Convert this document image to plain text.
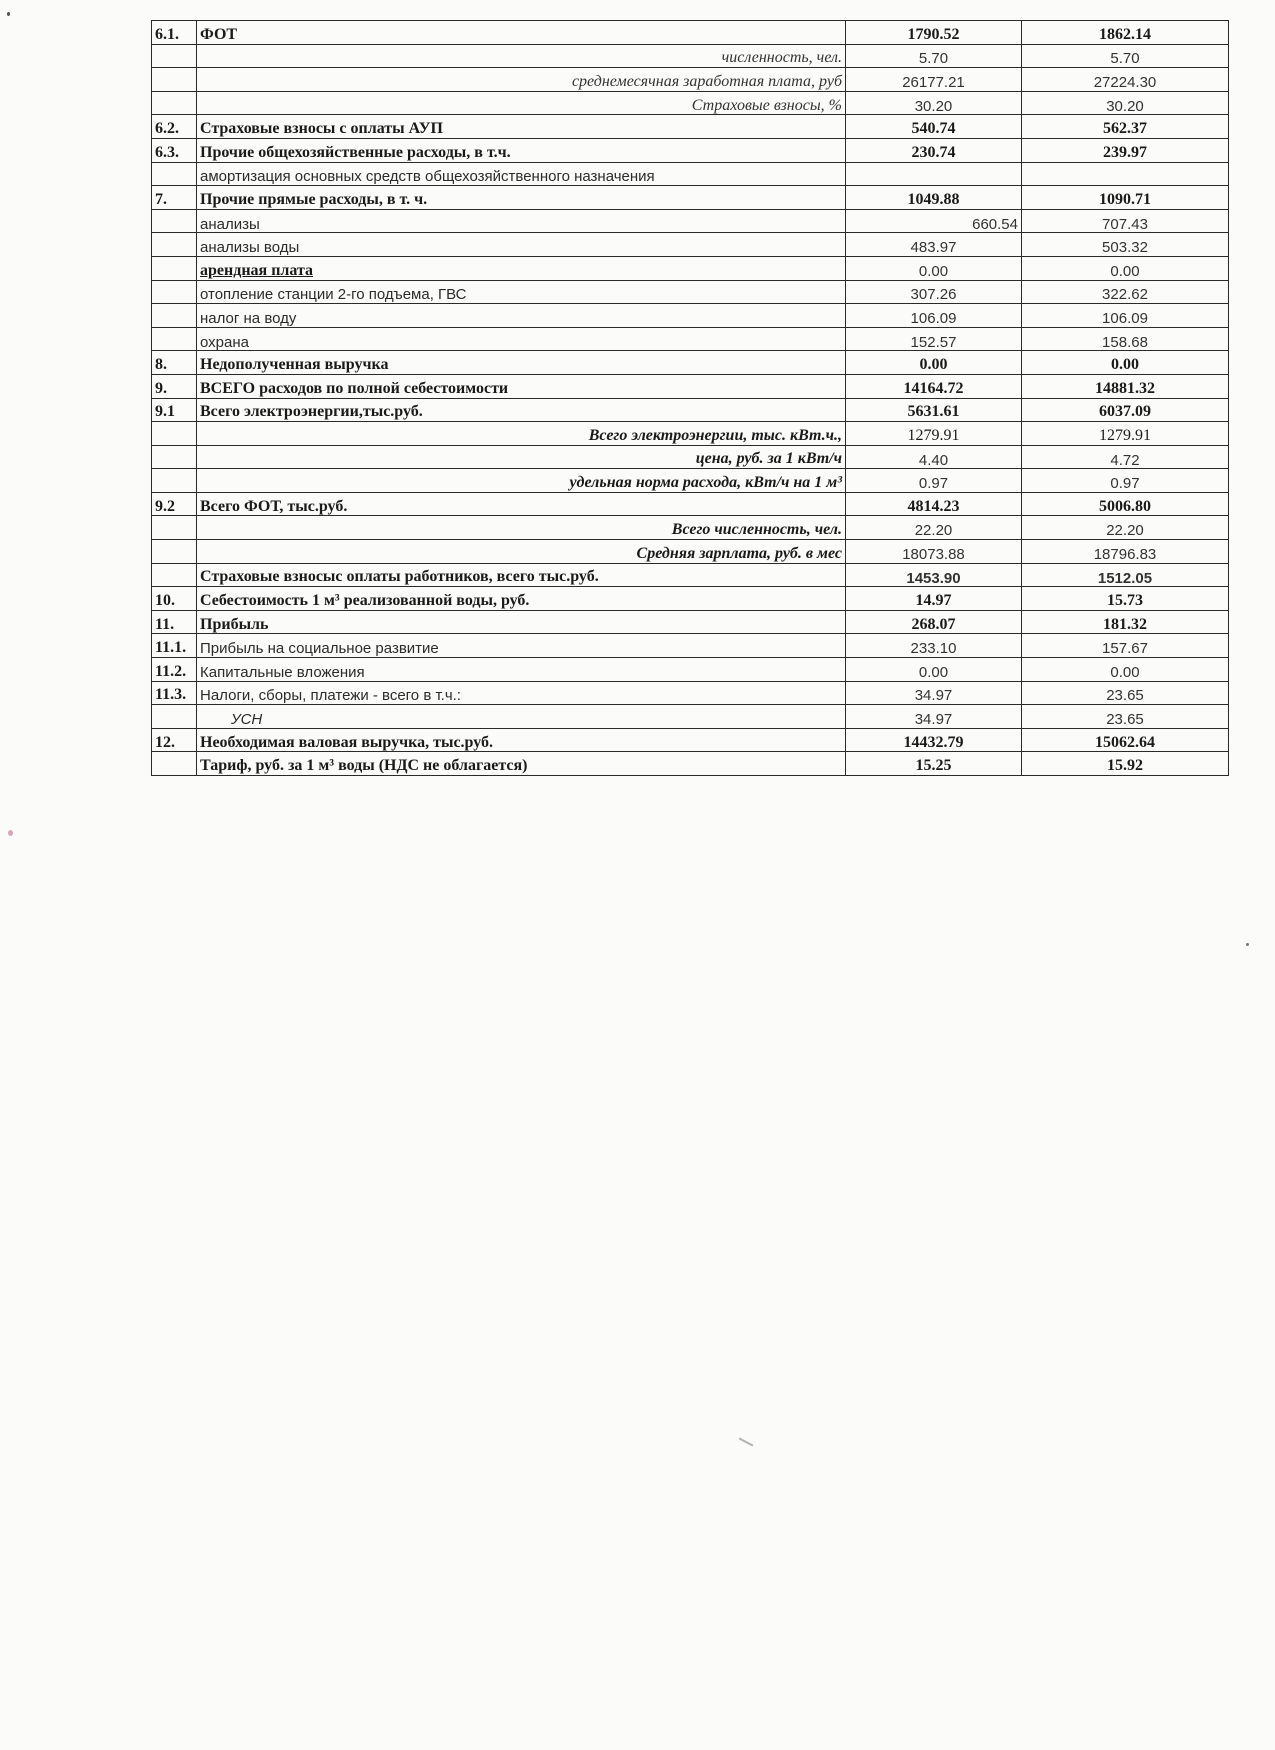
6.1.	ФОТ	1790.52	1862.14
	численность, чел.	5.70	5.70
	среднемесячная заработная плата, руб	26177.21	27224.30
	Страховые взносы, %	30.20	30.20
6.2.	Страховые взносы с оплаты АУП	540.74	562.37
6.3.	Прочие общехозяйственные расходы, в т.ч.	230.74	239.97
	амортизация основных средств общехозяйственного назначения		
7.	Прочие прямые расходы, в т. ч.	1049.88	1090.71
	анализы	660.54	707.43
	анализы воды	483.97	503.32
	арендная плата	0.00	0.00
	отопление станции 2-го подъема, ГВС	307.26	322.62
	налог на воду	106.09	106.09
	охрана	152.57	158.68
8.	Недополученная выручка	0.00	0.00
9.	ВСЕГО расходов по полной себестоимости	14164.72	14881.32
9.1	Всего электроэнергии,тыс.руб.	5631.61	6037.09
	Всего электроэнергии, тыс. кВт.ч.,	1279.91	1279.91
	цена, руб. за 1 кВт/ч	4.40	4.72
	удельная норма расхода, кВт/ч на 1 м³	0.97	0.97
9.2	Всего ФОТ, тыс.руб.	4814.23	5006.80
	Всего численность, чел.	22.20	22.20
	Средняя зарплата, руб. в мес	18073.88	18796.83
	Страховые взносыс оплаты работников, всего тыс.руб.	1453.90	1512.05
10.	Себестоимость 1 м³ реализованной воды, руб.	14.97	15.73
11.	Прибыль	268.07	181.32
11.1.	Прибыль на социальное развитие	233.10	157.67
11.2.	Капитальные вложения	0.00	0.00
11.3.	Налоги, сборы, платежи - всего в т.ч.:	34.97	23.65
	УСН	34.97	23.65
12.	Необходимая валовая выручка, тыс.руб.	14432.79	15062.64
	Тариф, руб. за 1 м³ воды (НДС не облагается)	15.25	15.92
